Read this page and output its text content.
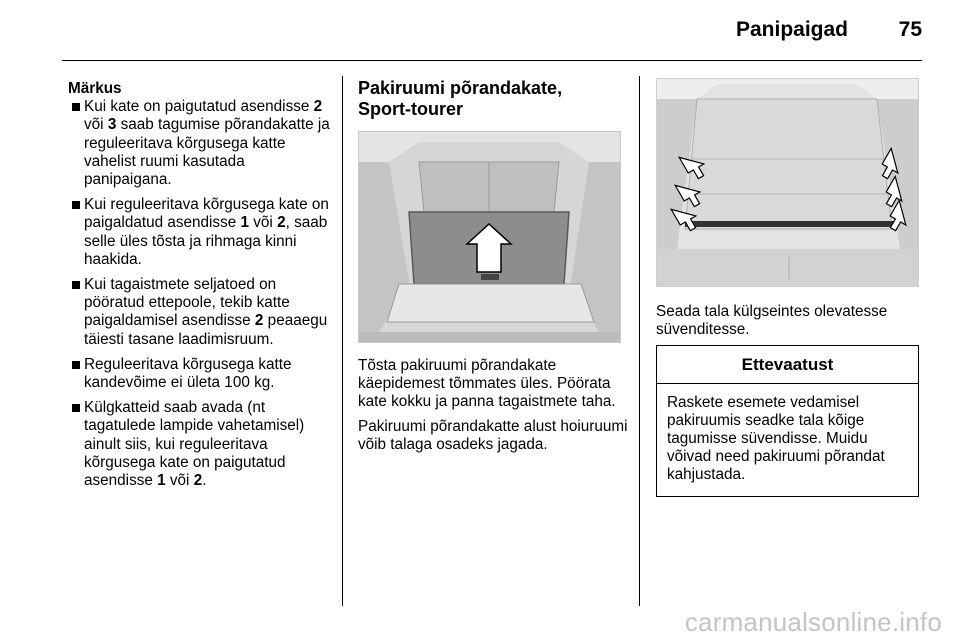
Panipaigad 75
Märkus
Kui kate on paigutatud asendisse 2 või 3 saab tagumise põrandakatte ja reguleeritava kõrgusega katte vahelist ruumi kasutada panipaigana.
Kui reguleeritava kõrgusega kate on paigaldatud asendisse 1 või 2, saab selle üles tõsta ja rihmaga kinni haakida.
Kui tagaistmete seljatoed on pööratud ettepoole, tekib katte paigaldamisel asendisse 2 peaaegu täiesti tasane laadimisruum.
Reguleeritava kõrgusega katte kandevõime ei ületa 100 kg.
Külgkatteid saab avada (nt tagatulede lampide vahetamisel) ainult siis, kui reguleeritava kõrgusega kate on paigutatud asendisse 1 või 2.
Pakiruumi põrandakate,
Sport-tourer

Tõsta pakiruumi põrandakate käepidemest tõmmates üles. Pöörata kate kokku ja panna tagaistmete taha.

Pakiruumi põrandakatte alust hoiuruumi võib talaga osadeks jagada.

Seada tala külgseintes olevatesse süvenditesse.

Ettevaatust
Raskete esemete vedamisel pakiruumis seadke tala kõige tagumisse süvendisse. Muidu võivad need pakiruumi põrandat kahjustada.
carmanualsonline.info
